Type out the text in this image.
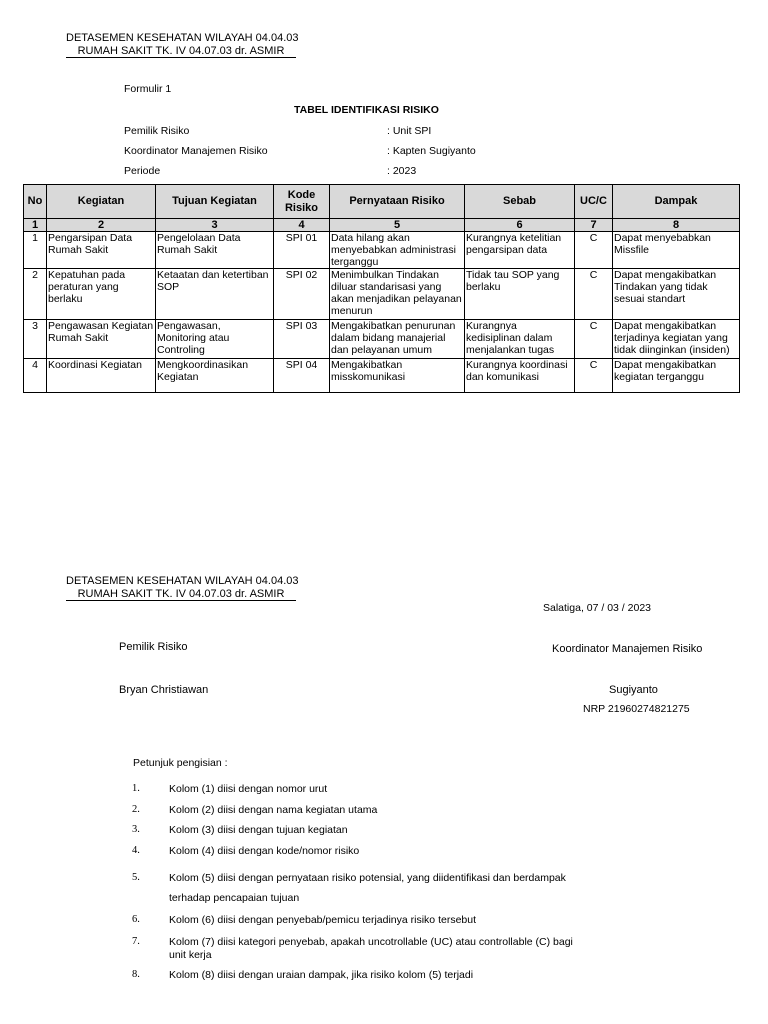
DETASEMEN KESEHATAN WILAYAH 04.04.03
RUMAH SAKIT TK. IV 04.07.03 dr. ASMIR
Formulir 1
TABEL IDENTIFIKASI RISIKO
Pemilik Risiko	: Unit SPI
Koordinator Manajemen Risiko	: Kapten Sugiyanto
Periode	: 2023
No	Kegiatan	Tujuan Kegiatan	Kode Risiko	Pernyataan Risiko	Sebab	UC/C	Dampak
1	2	3	4	5	6	7	8
1	Pengarsipan Data Rumah Sakit	Pengelolaan Data Rumah Sakit	SPI 01	Data hilang akan menyebabkan administrasi terganggu	Kurangnya ketelitian pengarsipan data	C	Dapat menyebabkan Missfile
2	Kepatuhan pada peraturan yang berlaku	Ketaatan dan ketertiban SOP	SPI 02	Menimbulkan Tindakan diluar standarisasi yang akan menjadikan pelayanan menurun	Tidak tau SOP yang berlaku	C	Dapat mengakibatkan Tindakan yang tidak sesuai standart
3	Pengawasan Kegiatan Rumah Sakit	Pengawasan, Monitoring atau Controling	SPI 03	Mengakibatkan penurunan dalam bidang manajerial dan pelayanan umum	Kurangnya kedisiplinan dalam menjalankan tugas	C	Dapat mengakibatkan terjadinya kegiatan yang tidak diinginkan (insiden)
4	Koordinasi Kegiatan	Mengkoordinasikan Kegiatan	SPI 04	Mengakibatkan misskomunikasi	Kurangnya koordinasi dan komunikasi	C	Dapat mengakibatkan kegiatan terganggu
DETASEMEN KESEHATAN WILAYAH 04.04.03
RUMAH SAKIT TK. IV 04.07.03 dr. ASMIR
Salatiga, 07 / 03 / 2023
Pemilik Risiko	Koordinator Manajemen Risiko
Bryan Christiawan	Sugiyanto
NRP 21960274821275
Petunjuk pengisian :
1.	Kolom (1) diisi dengan nomor urut
2.	Kolom (2) diisi dengan nama kegiatan utama
3.	Kolom (3) diisi dengan tujuan kegiatan
4.	Kolom (4) diisi dengan kode/nomor risiko
5.	Kolom (5) diisi dengan pernyataan risiko potensial, yang diidentifikasi dan berdampak
terhadap pencapaian tujuan
6.	Kolom (6) diisi dengan penyebab/pemicu terjadinya risiko tersebut
7.	Kolom (7) diisi kategori penyebab, apakah uncotrollable (UC) atau controllable (C) bagi
unit kerja
8.	Kolom (8) diisi dengan uraian dampak, jika risiko kolom (5) terjadi
